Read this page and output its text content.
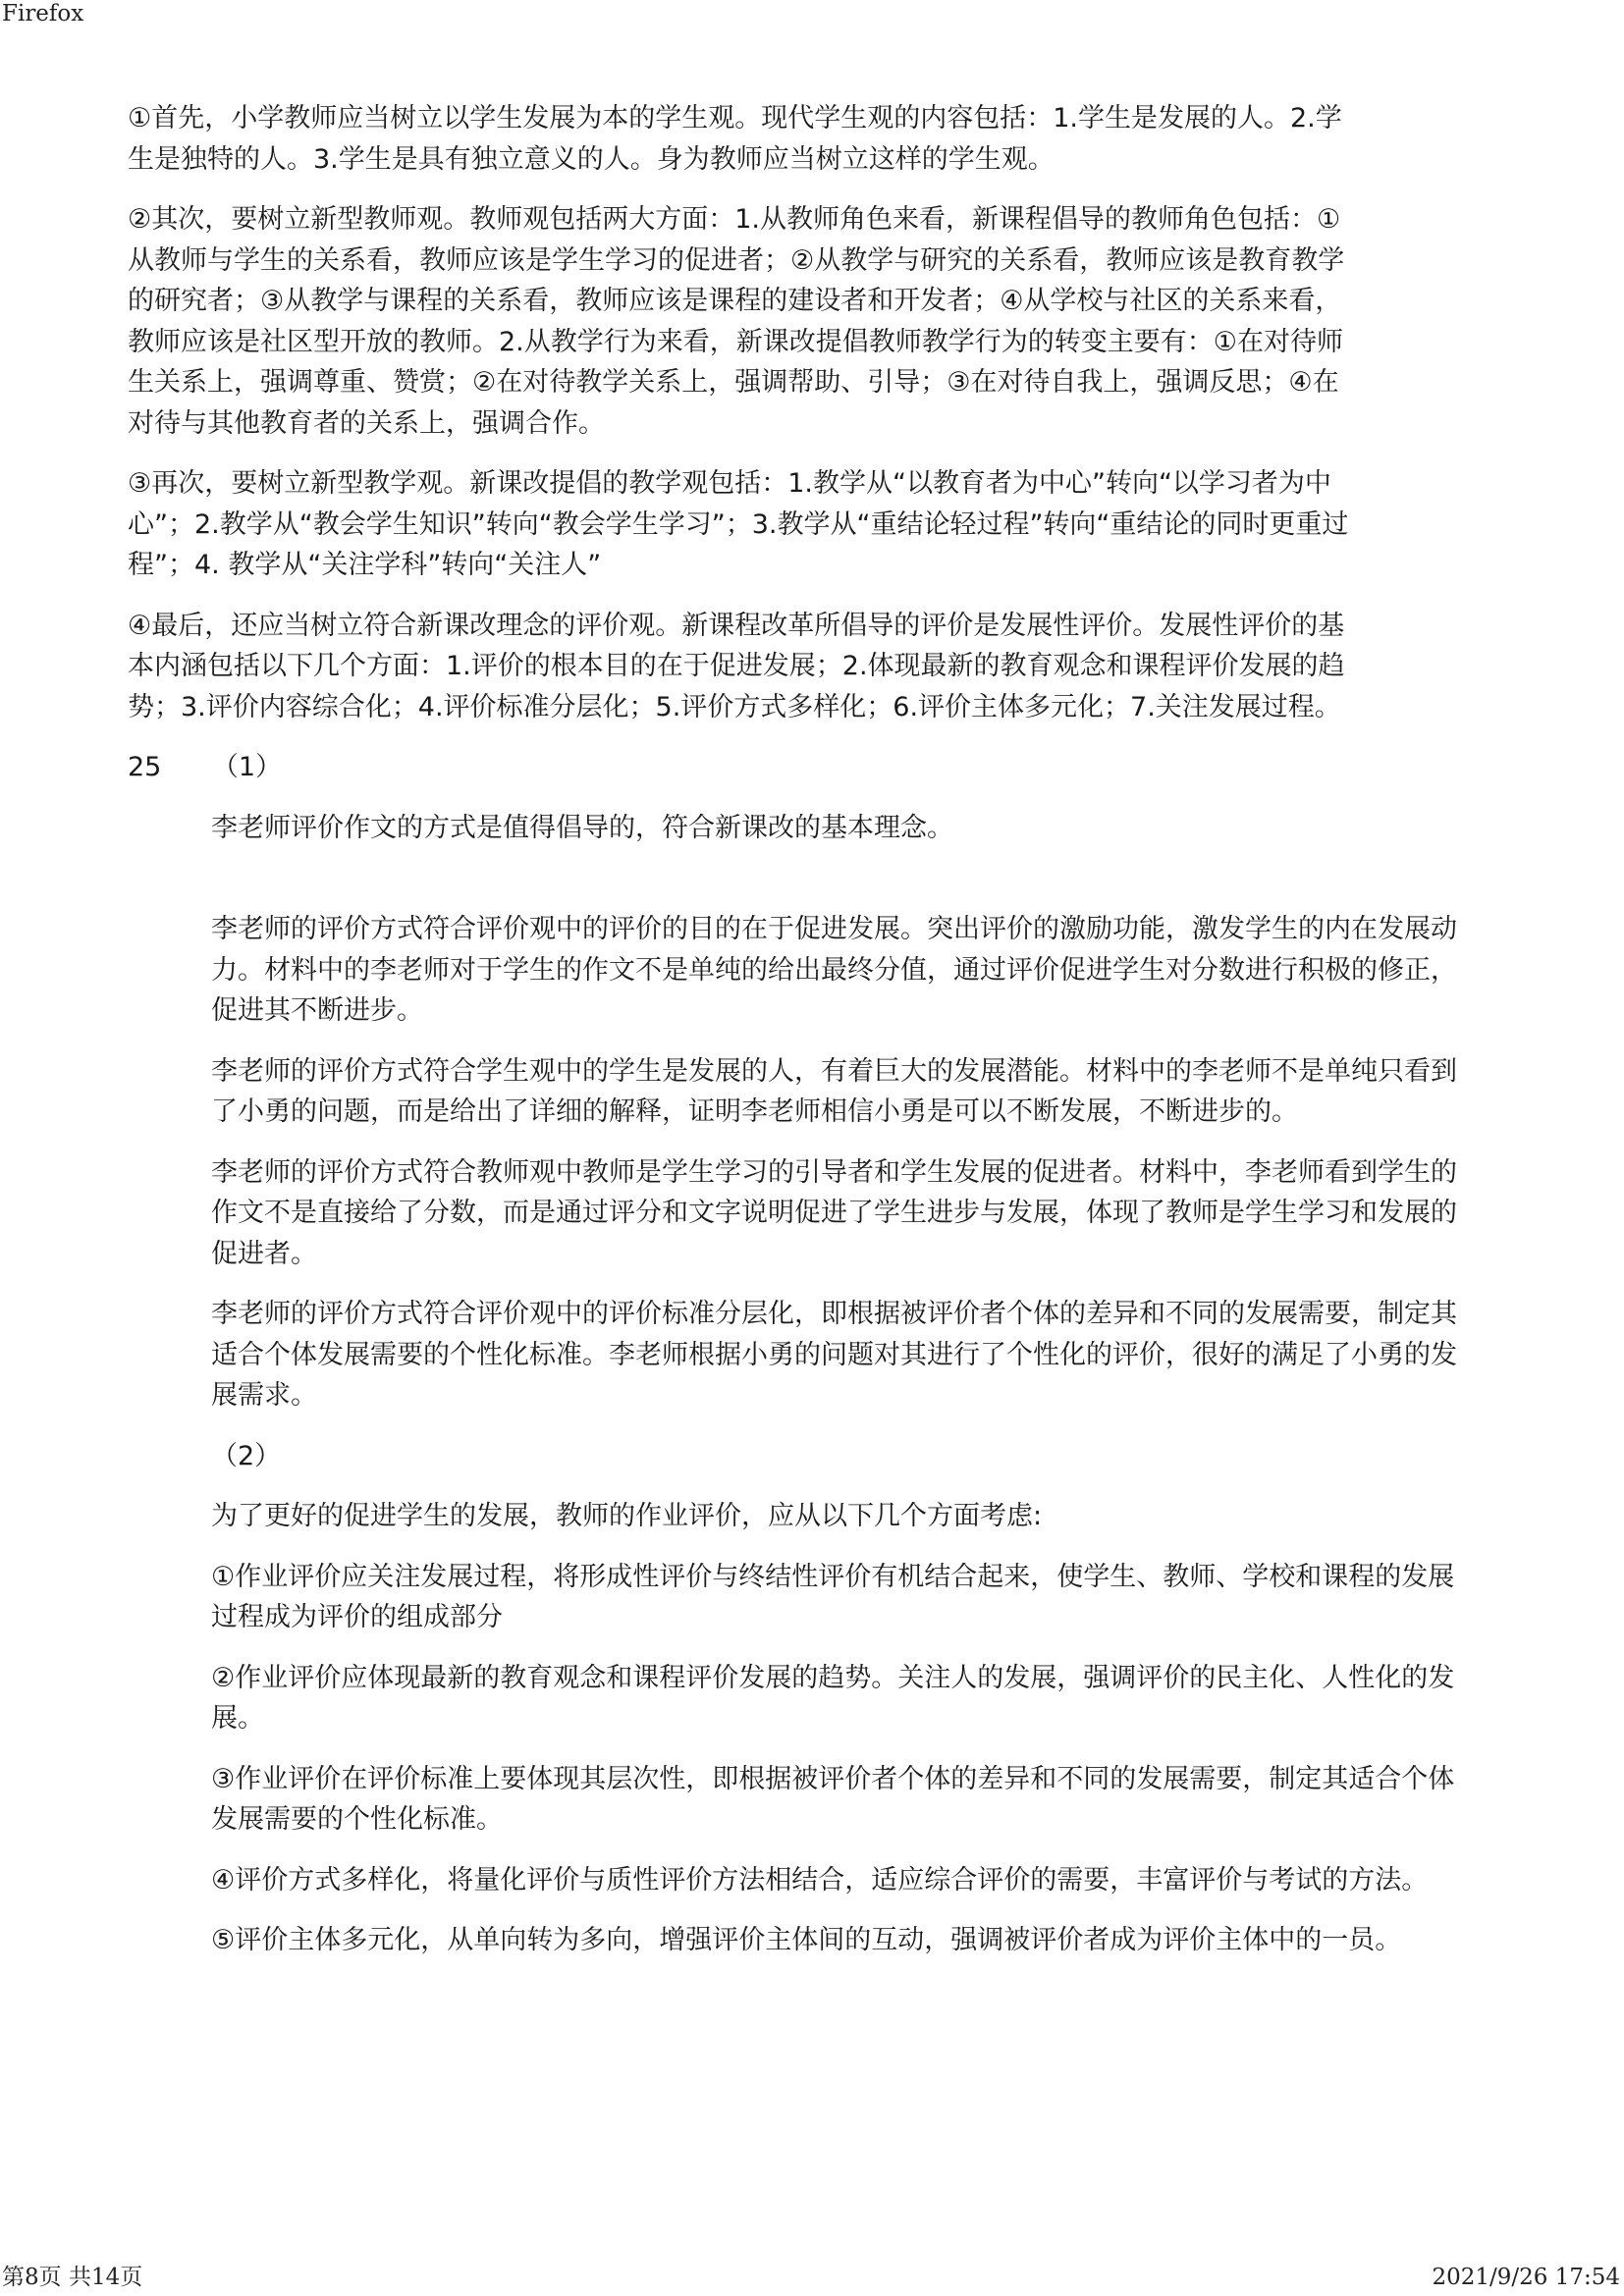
Firefox

①首先，小学教师应当树立以学生发展为本的学生观。现代学生观的内容包括：1.学生是发展的人。2.学生是独特的人。3.学生是具有独立意义的人。身为教师应当树立这样的学生观。

②其次，要树立新型教师观。教师观包括两大方面：1.从教师角色来看，新课程倡导的教师角色包括：①从教师与学生的关系看，教师应该是学生学习的促进者；②从教学与研究的关系看，教师应该是教育教学的研究者；③从教学与课程的关系看，教师应该是课程的建设者和开发者；④从学校与社区的关系来看，教师应该是社区型开放的教师。2.从教学行为来看，新课改提倡教师教学行为的转变主要有：①在对待师生关系上，强调尊重、赞赏；②在对待教学关系上，强调帮助、引导；③在对待自我上，强调反思；④在对待与其他教育者的关系上，强调合作。

③再次，要树立新型教学观。新课改提倡的教学观包括：1.教学从“以教育者为中心”转向“以学习者为中心”；2.教学从“教会学生知识”转向“教会学生学习”；3.教学从“重结论轻过程”转向“重结论的同时更重过程”；4. 教学从“关注学科”转向“关注人”

④最后，还应当树立符合新课改理念的评价观。新课程改革所倡导的评价是发展性评价。发展性评价的基本内涵包括以下几个方面：1.评价的根本目的在于促进发展；2.体现最新的教育观念和课程评价发展的趋势；3.评价内容综合化；4.评价标准分层化；5.评价方式多样化；6.评价主体多元化；7.关注发展过程。

25 （1）

李老师评价作文的方式是值得倡导的，符合新课改的基本理念。

李老师的评价方式符合评价观中的评价的目的在于促进发展。突出评价的激励功能，激发学生的内在发展动力。材料中的李老师对于学生的作文不是单纯的给出最终分值，通过评价促进学生对分数进行积极的修正，促进其不断进步。

李老师的评价方式符合学生观中的学生是发展的人，有着巨大的发展潜能。材料中的李老师不是单纯只看到了小勇的问题，而是给出了详细的解释，证明李老师相信小勇是可以不断发展，不断进步的。

李老师的评价方式符合教师观中教师是学生学习的引导者和学生发展的促进者。材料中，李老师看到学生的作文不是直接给了分数，而是通过评分和文字说明促进了学生进步与发展，体现了教师是学生学习和发展的促进者。

李老师的评价方式符合评价观中的评价标准分层化，即根据被评价者个体的差异和不同的发展需要，制定其适合个体发展需要的个性化标准。李老师根据小勇的问题对其进行了个性化的评价，很好的满足了小勇的发展需求。

（2）

为了更好的促进学生的发展，教师的作业评价，应从以下几个方面考虑:

①作业评价应关注发展过程，将形成性评价与终结性评价有机结合起来，使学生、教师、学校和课程的发展过程成为评价的组成部分

②作业评价应体现最新的教育观念和课程评价发展的趋势。关注人的发展，强调评价的民主化、人性化的发展。

③作业评价在评价标准上要体现其层次性，即根据被评价者个体的差异和不同的发展需要，制定其适合个体发展需要的个性化标准。

④评价方式多样化，将量化评价与质性评价方法相结合，适应综合评价的需要，丰富评价与考试的方法。

⑤评价主体多元化，从单向转为多向，增强评价主体间的互动，强调被评价者成为评价主体中的一员。

第8页 共14页	2021/9/26 17:54
